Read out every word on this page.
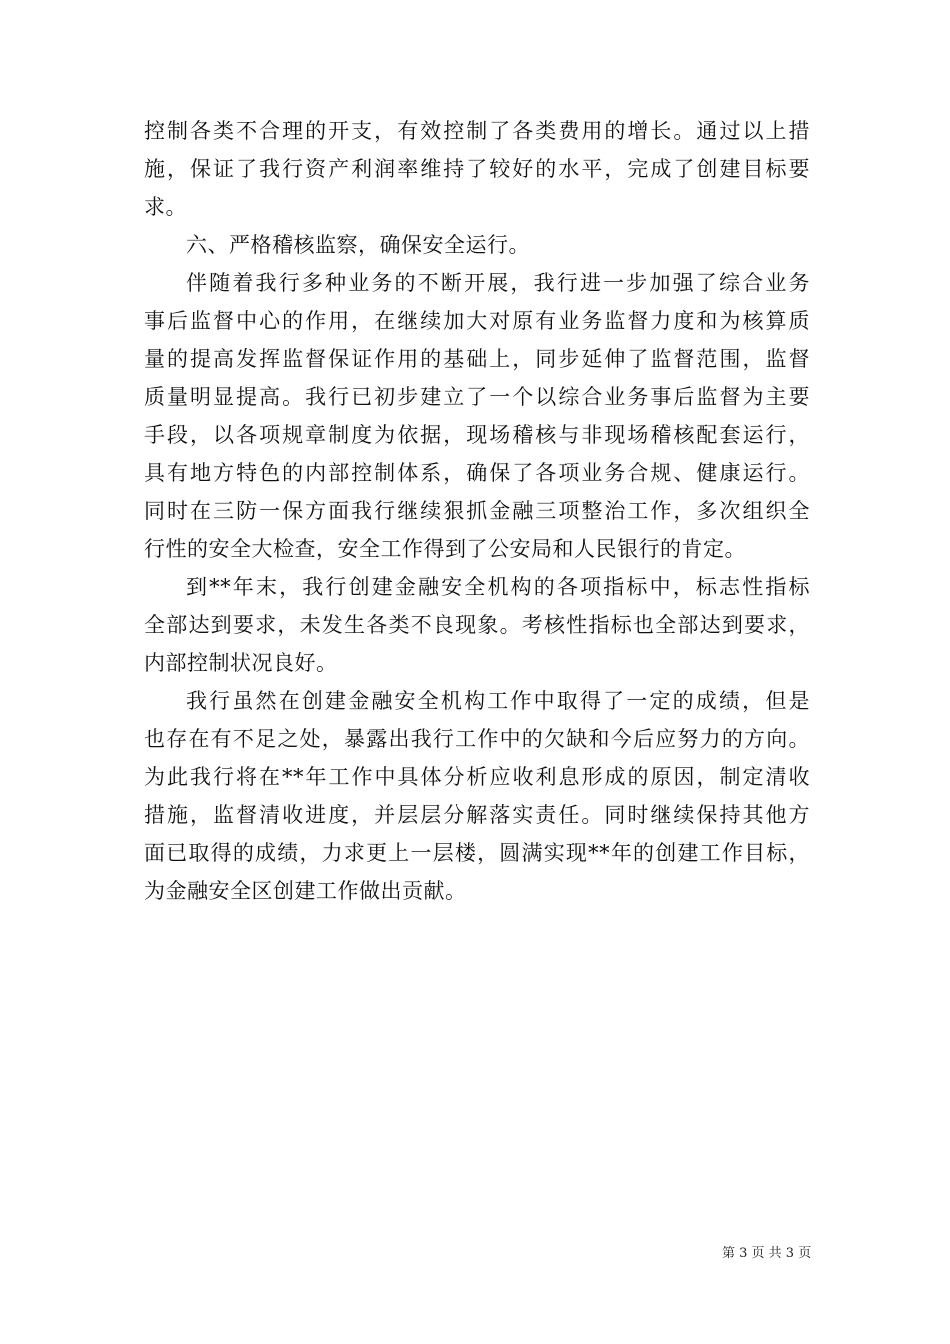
控制各类不合理的开支，有效控制了各类费用的增长。通过以上措
施，保证了我行资产利润率维持了较好的水平，完成了创建目标要
求。
六、严格稽核监察，确保安全运行。
伴随着我行多种业务的不断开展，我行进一步加强了综合业务
事后监督中心的作用，在继续加大对原有业务监督力度和为核算质
量的提高发挥监督保证作用的基础上，同步延伸了监督范围，监督
质量明显提高。我行已初步建立了一个以综合业务事后监督为主要
手段，以各项规章制度为依据，现场稽核与非现场稽核配套运行，
具有地方特色的内部控制体系，确保了各项业务合规、健康运行。
同时在三防一保方面我行继续狠抓金融三项整治工作，多次组织全
行性的安全大检查，安全工作得到了公安局和人民银行的肯定。
到**年末，我行创建金融安全机构的各项指标中，标志性指标
全部达到要求，未发生各类不良现象。考核性指标也全部达到要求，
内部控制状况良好。
我行虽然在创建金融安全机构工作中取得了一定的成绩，但是
也存在有不足之处，暴露出我行工作中的欠缺和今后应努力的方向。
为此我行将在**年工作中具体分析应收利息形成的原因，制定清收
措施，监督清收进度，并层层分解落实责任。同时继续保持其他方
面已取得的成绩，力求更上一层楼，圆满实现**年的创建工作目标，
为金融安全区创建工作做出贡献。
第 3 页 共 3 页
